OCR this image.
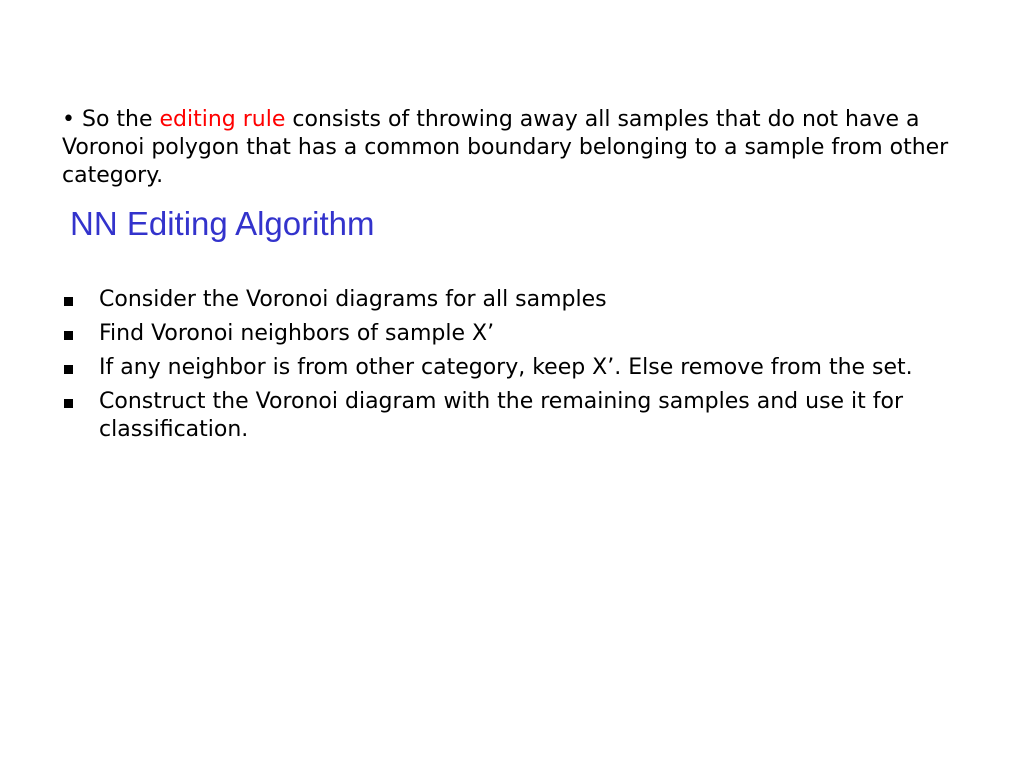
• So the editing rule consists of throwing away all samples that do not have a Voronoi polygon that has a common boundary belonging to a sample from other category.

NN Editing Algorithm
Consider the Voronoi diagrams for all samples
Find Voronoi neighbors of sample X’
If any neighbor is from other category, keep X’. Else remove from the set.
Construct the Voronoi diagram with the remaining samples and use it for classification.
